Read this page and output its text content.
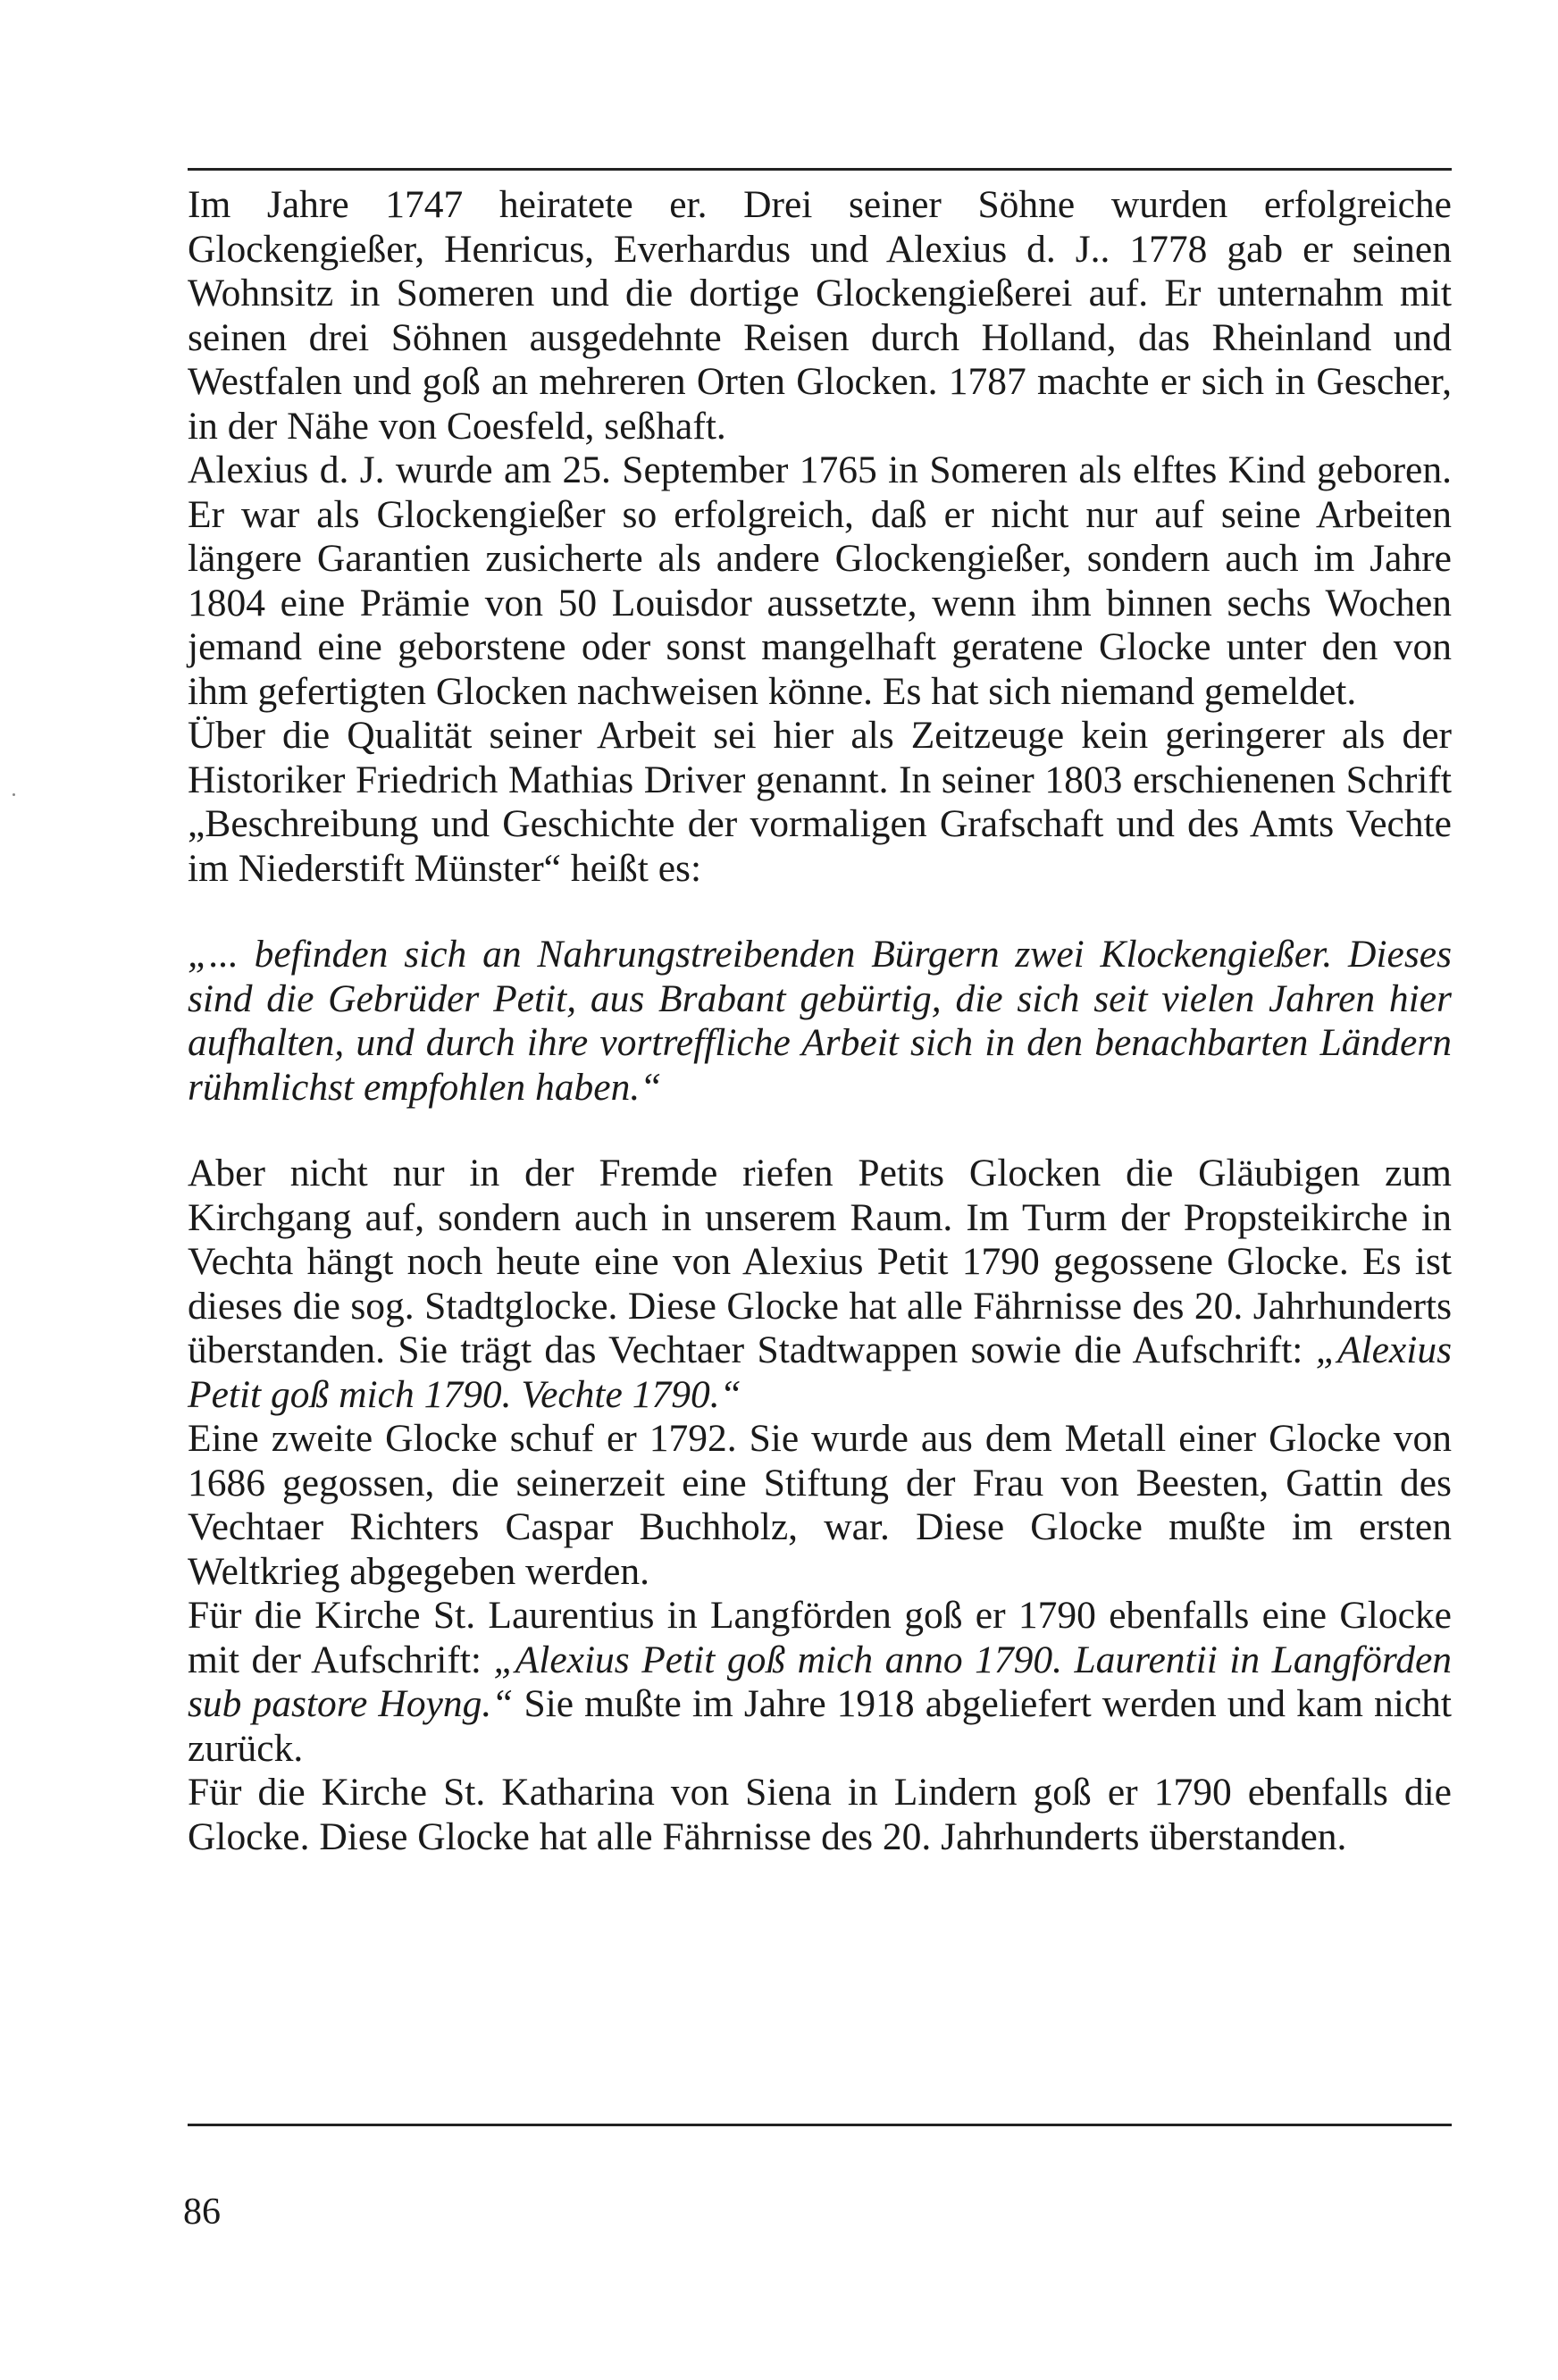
Im Jahre 1747 heiratete er. Drei seiner Söhne wurden erfolgreiche Glockengießer, Henricus, Everhardus und Alexius d. J.. 1778 gab er seinen Wohnsitz in Someren und die dortige Glockengießerei auf. Er unternahm mit seinen drei Söhnen ausgedehnte Reisen durch Holland, das Rheinland und Westfalen und goß an mehreren Orten Glocken. 1787 machte er sich in Gescher, in der Nähe von Coesfeld, seßhaft.

Alexius d. J. wurde am 25. September 1765 in Someren als elftes Kind geboren. Er war als Glockengießer so erfolgreich, daß er nicht nur auf seine Arbeiten längere Garantien zusicherte als andere Glockengießer, sondern auch im Jahre 1804 eine Prämie von 50 Louisdor aussetzte, wenn ihm binnen sechs Wochen jemand eine geborstene oder sonst mangelhaft geratene Glocke unter den von ihm gefertigten Glocken nachweisen könne. Es hat sich niemand gemeldet.

Über die Qualität seiner Arbeit sei hier als Zeitzeuge kein geringerer als der Historiker Friedrich Mathias Driver genannt. In seiner 1803 erschienenen Schrift „Beschreibung und Geschichte der vormaligen Grafschaft und des Amts Vechte im Niederstift Münster“ heißt es:

„... befinden sich an Nahrungstreibenden Bürgern zwei Klockengießer. Dieses sind die Gebrüder Petit, aus Brabant gebürtig, die sich seit vielen Jahren hier aufhalten, und durch ihre vortreffliche Arbeit sich in den benachbarten Ländern rühmlichst empfohlen haben.“

Aber nicht nur in der Fremde riefen Petits Glocken die Gläubigen zum Kirchgang auf, sondern auch in unserem Raum. Im Turm der Propsteikirche in Vechta hängt noch heute eine von Alexius Petit 1790 gegossene Glocke. Es ist dieses die sog. Stadtglocke. Diese Glocke hat alle Fährnisse des 20. Jahrhunderts überstanden. Sie trägt das Vechtaer Stadtwappen sowie die Aufschrift: „Alexius Petit goß mich 1790. Vechte 1790.“

Eine zweite Glocke schuf er 1792. Sie wurde aus dem Metall einer Glocke von 1686 gegossen, die seinerzeit eine Stiftung der Frau von Beesten, Gattin des Vechtaer Richters Caspar Buchholz, war. Diese Glocke mußte im ersten Weltkrieg abgegeben werden.

Für die Kirche St. Laurentius in Langförden goß er 1790 ebenfalls eine Glocke mit der Aufschrift: „Alexius Petit goß mich anno 1790. Laurentii in Langförden sub pastore Hoyng.“ Sie mußte im Jahre 1918 abgeliefert werden und kam nicht zurück.

Für die Kirche St. Katharina von Siena in Lindern goß er 1790 ebenfalls die Glocke. Diese Glocke hat alle Fährnisse des 20. Jahrhunderts überstanden.

86
